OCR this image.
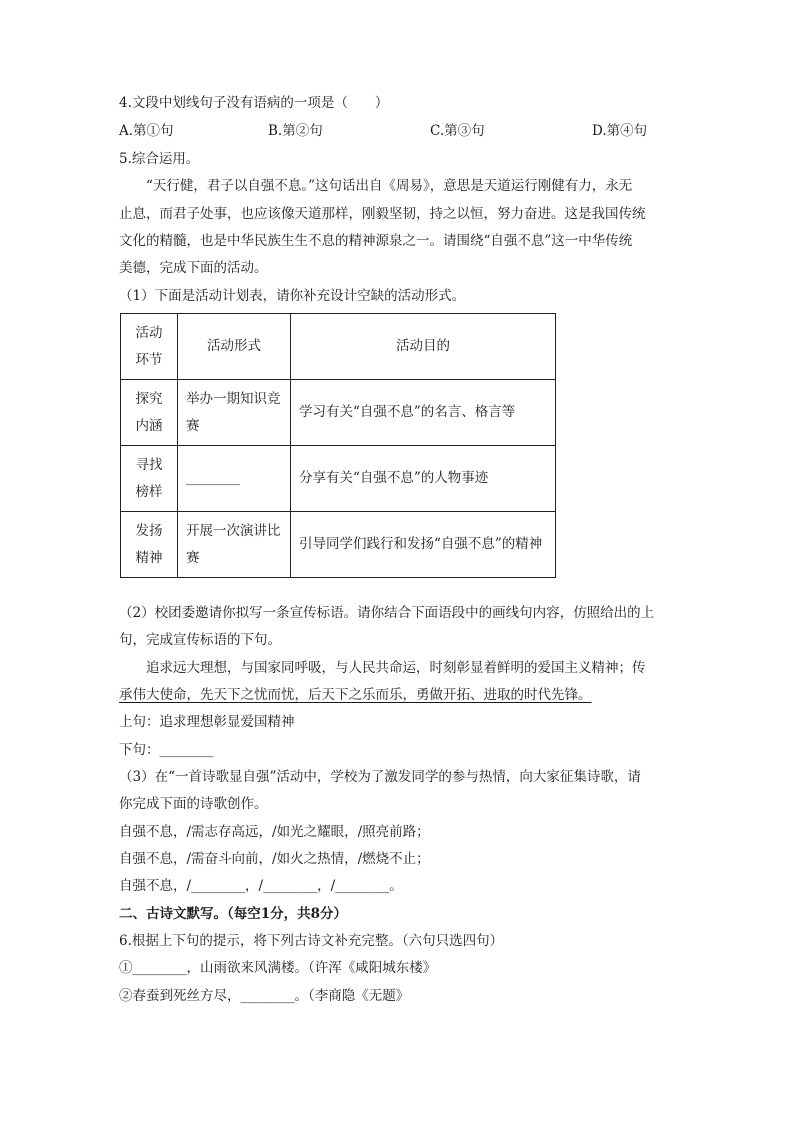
4.文段中划线句子没有语病的一项是（　　）
A.第①句	B.第②句	C.第③句	D.第④句
5.综合运用。
“天行健，君子以自强不息。”这句话出自《周易》，意思是天道运行刚健有力，永无
止息，而君子处事，也应该像天道那样，刚毅坚韧，持之以恒，努力奋进。这是我国传统
文化的精髓，也是中华民族生生不息的精神源泉之一。请围绕“自强不息”这一中华传统
美德，完成下面的活动。
（1）下面是活动计划表，请你补充设计空缺的活动形式。
活动环节	活动形式	活动目的
探究内涵	举办一期知识竞赛	学习有关“自强不息”的名言、格言等
寻找榜样	________	分享有关“自强不息”的人物事迹
发扬精神	开展一次演讲比赛	引导同学们践行和发扬“自强不息”的精神
（2）校团委邀请你拟写一条宣传标语。请你结合下面语段中的画线句内容，仿照给出的上
句，完成宣传标语的下句。
追求远大理想，与国家同呼吸，与人民共命运，时刻彰显着鲜明的爱国主义精神；传
承伟大使命，先天下之忧而忧，后天下之乐而乐，勇做开拓、进取的时代先锋。
上句：追求理想彰显爱国精神
下句：________
（3）在“一首诗歌显自强”活动中，学校为了激发同学的参与热情，向大家征集诗歌，请
你完成下面的诗歌创作。
自强不息，/需志存高远，/如光之耀眼，/照亮前路；
自强不息，/需奋斗向前，/如火之热情，/燃烧不止；
自强不息，/________，/________，/________。
二、古诗文默写。（每空1分，共8分）
6.根据上下句的提示，将下列古诗文补充完整。（六句只选四句）
①________，山雨欲来风满楼。（许浑《咸阳城东楼》
②春蚕到死丝方尽，________。（李商隐《无题》
